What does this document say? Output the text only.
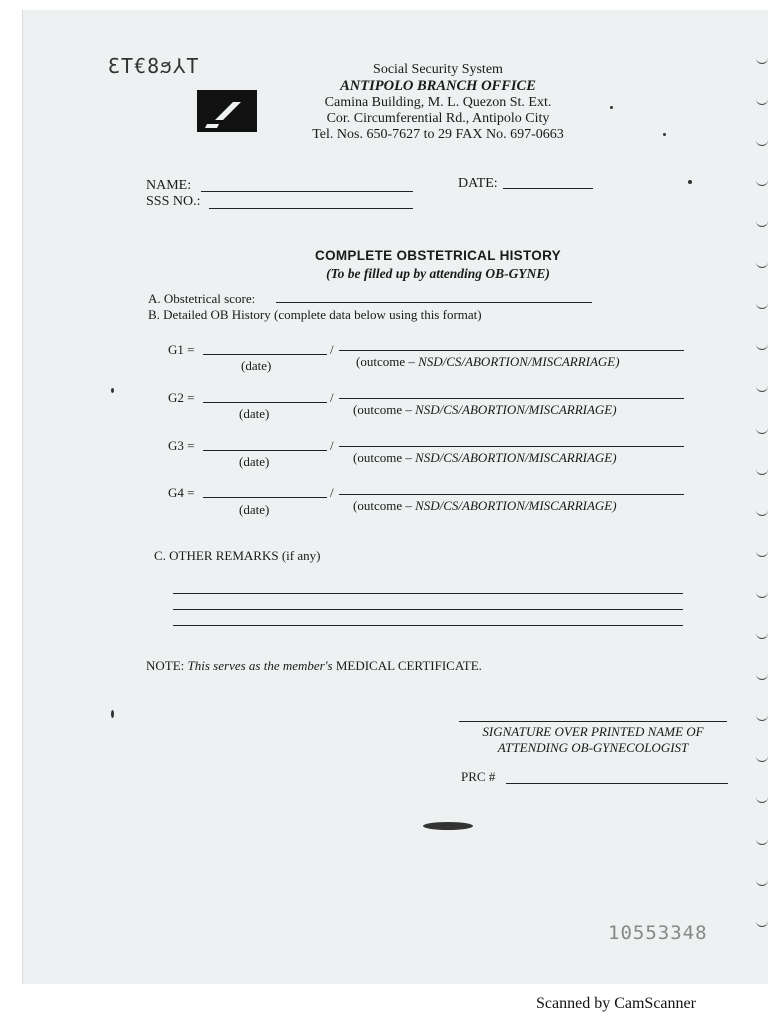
ƐT€8ϧ⅄T	Social Security System
ANTIPOLO BRANCH OFFICE
Camina Building, M. L. Quezon St. Ext.
Cor. Circumferential Rd., Antipolo City
Tel. Nos. 650-7627 to 29 FAX No. 697-0663
NAME:	DATE:
SSS NO.:
COMPLETE OBSTETRICAL HISTORY
(To be filled up by attending OB-GYNE)
A. Obstetrical score:
B. Detailed OB History (complete data below using this format)
G1 =	/
(date)	(outcome – NSD/CS/ABORTION/MISCARRIAGE)
G2 =	/
(date)	(outcome – NSD/CS/ABORTION/MISCARRIAGE)
G3 =	/
(date)	(outcome – NSD/CS/ABORTION/MISCARRIAGE)
G4 =	/
(date)	(outcome – NSD/CS/ABORTION/MISCARRIAGE)
C. OTHER REMARKS (if any)
NOTE: This serves as the member's MEDICAL CERTIFICATE.
SIGNATURE OVER PRINTED NAME OF
ATTENDING OB-GYNECOLOGIST
PRC #
10553348
Scanned by CamScanner
